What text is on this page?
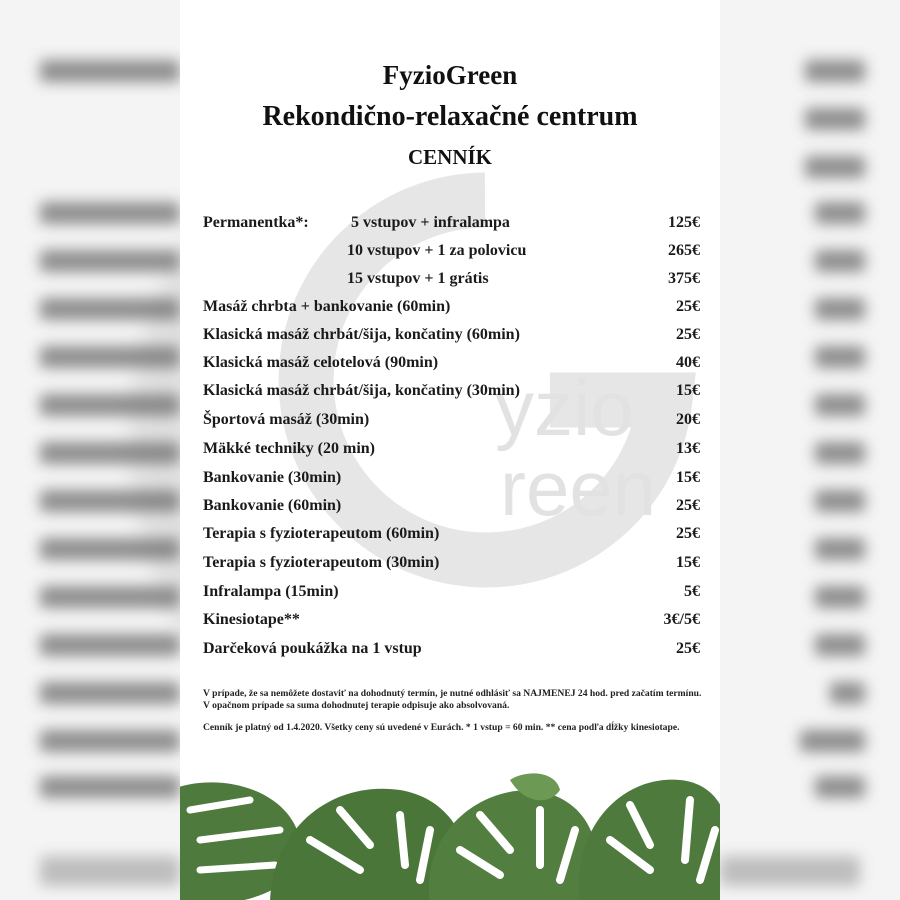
yzio
reen
FyzioGreen
Rekondično-relaxačné centrum
CENNÍK
Permanentka*:	5 vstupov + infralampa	125€
10 vstupov + 1 za polovicu	265€
15 vstupov + 1 grátis	375€
Masáž chrbta + bankovanie (60min)	25€
Klasická masáž chrbát/šija, končatiny (60min)	25€
Klasická masáž celotelová (90min)	40€
Klasická masáž chrbát/šija, končatiny (30min)	15€
Športová masáž (30min)	20€
Mäkké techniky (20 min)	13€
Bankovanie (30min)	15€
Bankovanie (60min)	25€
Terapia s fyzioterapeutom (60min)	25€
Terapia s fyzioterapeutom (30min)	15€
Infralampa (15min)	5€
Kinesiotape**	3€/5€
Darčeková poukážka na 1 vstup	25€
V prípade, že sa nemôžete dostaviť na dohodnutý termín, je nutné odhlásiť sa NAJMENEJ 24 hod. pred začatím termínu. V opačnom prípade sa suma dohodnutej terapie odpisuje ako absolvovaná.
Cenník je platný od 1.4.2020. Všetky ceny sú uvedené v Eurách. * 1 vstup = 60 min. ** cena podľa dĺžky kinesiotape.
